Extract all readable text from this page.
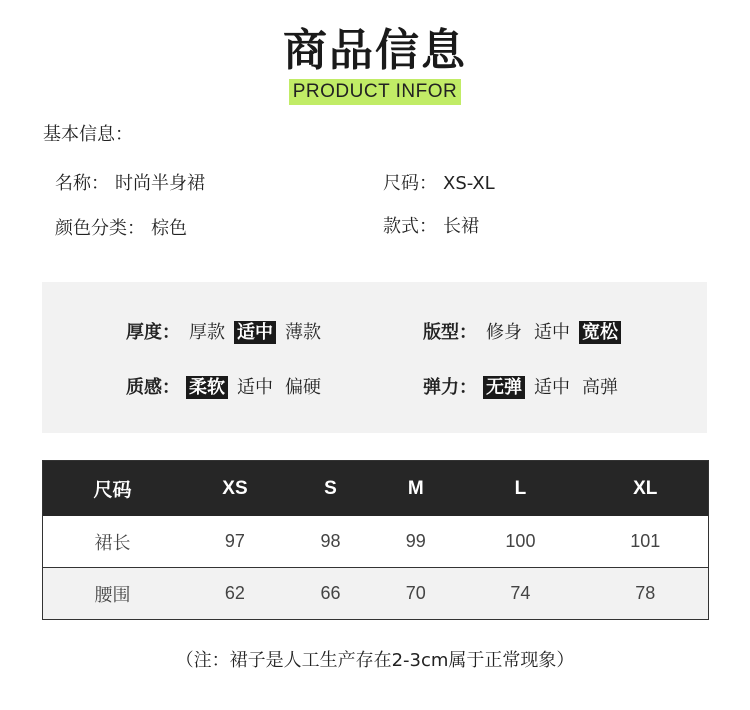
商品信息
PRODUCT INFOR
基本信息：
名称： 时尚半身裙	尺码： XS-XL
颜色分类： 棕色	款式： 长裙
厚度： 厚款 适中 薄款	版型： 修身 适中 宽松
质感： 柔软 适中 偏硬	弹力： 无弹 适中 高弹
尺码	XS	S	M	L	XL
裙长	97	98	99	100	101
腰围	62	66	70	74	78
（注：裙子是人工生产存在2-3cm属于正常现象）
